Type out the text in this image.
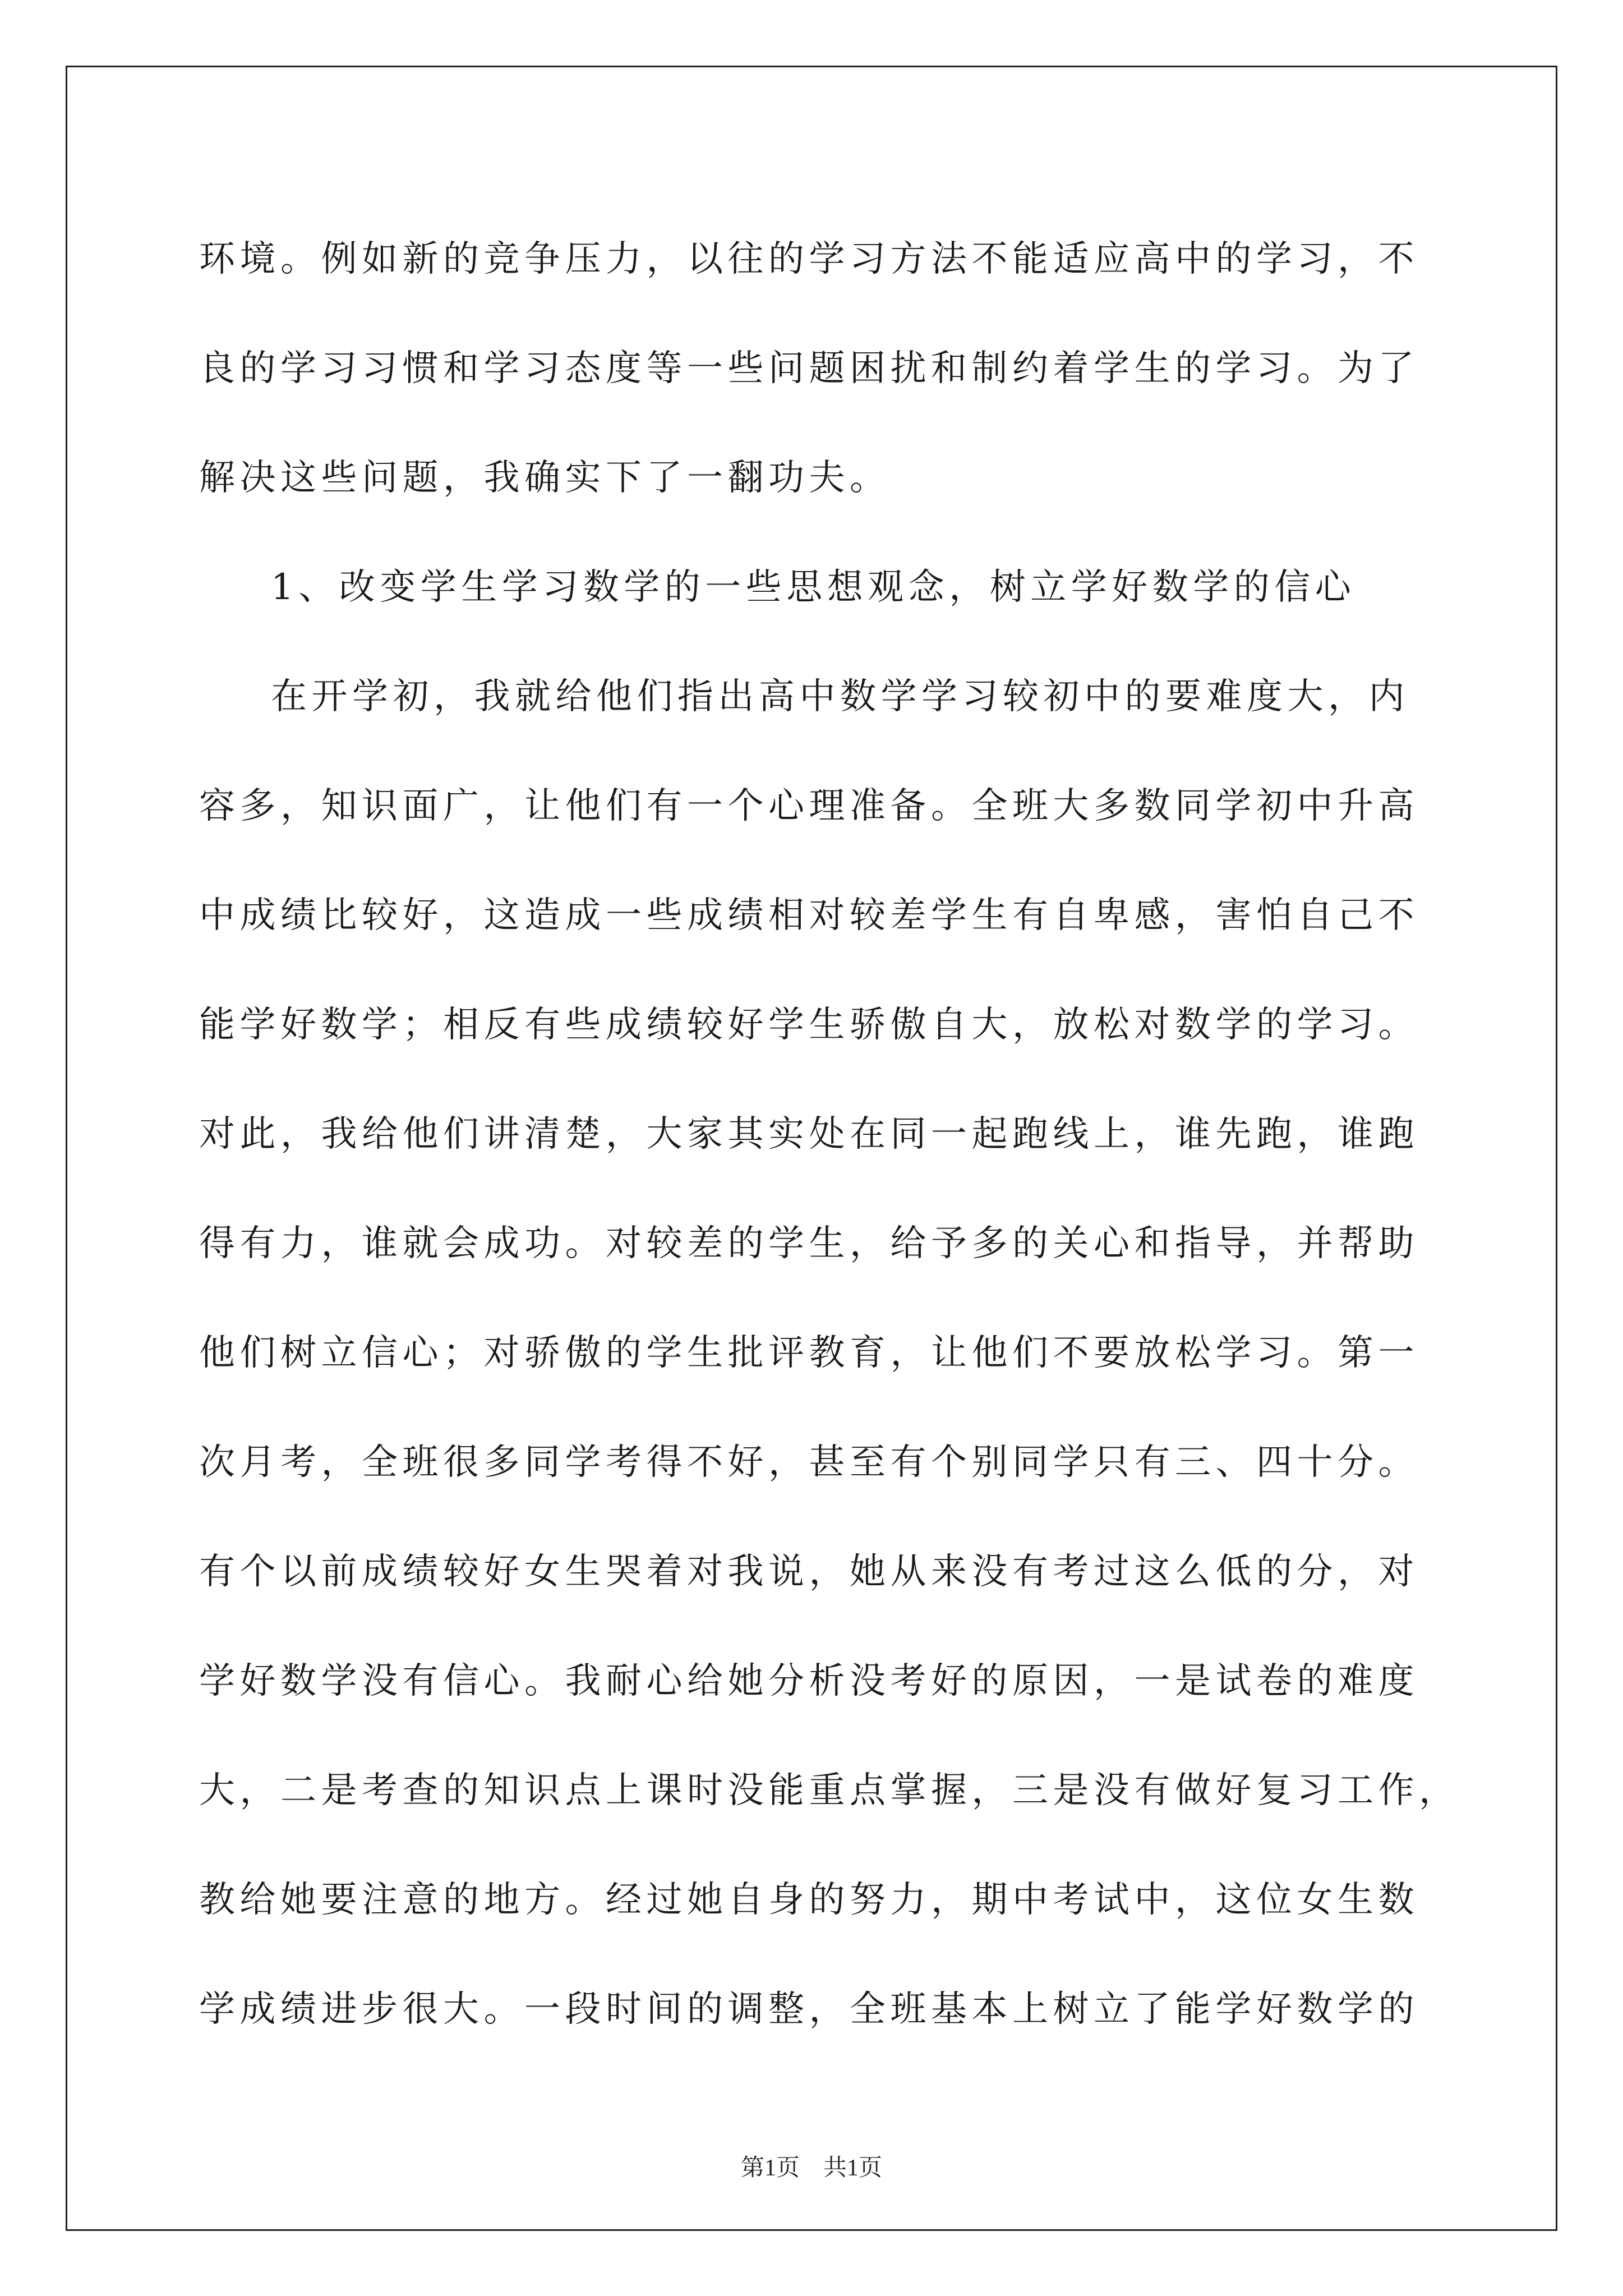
环境。例如新的竞争压力，以往的学习方法不能适应高中的学习，不
良的学习习惯和学习态度等一些问题困扰和制约着学生的学习。为了
解决这些问题，我确实下了一翻功夫。
1、改变学生学习数学的一些思想观念，树立学好数学的信心
在开学初，我就给他们指出高中数学学习较初中的要难度大，内
容多，知识面广，让他们有一个心理准备。全班大多数同学初中升高
中成绩比较好，这造成一些成绩相对较差学生有自卑感，害怕自己不
能学好数学；相反有些成绩较好学生骄傲自大，放松对数学的学习。
对此，我给他们讲清楚，大家其实处在同一起跑线上，谁先跑，谁跑
得有力，谁就会成功。对较差的学生，给予多的关心和指导，并帮助
他们树立信心；对骄傲的学生批评教育，让他们不要放松学习。第一
次月考，全班很多同学考得不好，甚至有个别同学只有三、四十分。
有个以前成绩较好女生哭着对我说，她从来没有考过这么低的分，对
学好数学没有信心。我耐心给她分析没考好的原因，一是试卷的难度
大，二是考查的知识点上课时没能重点掌握，三是没有做好复习工作，
教给她要注意的地方。经过她自身的努力，期中考试中，这位女生数
学成绩进步很大。一段时间的调整，全班基本上树立了能学好数学的
第1页　共1页
